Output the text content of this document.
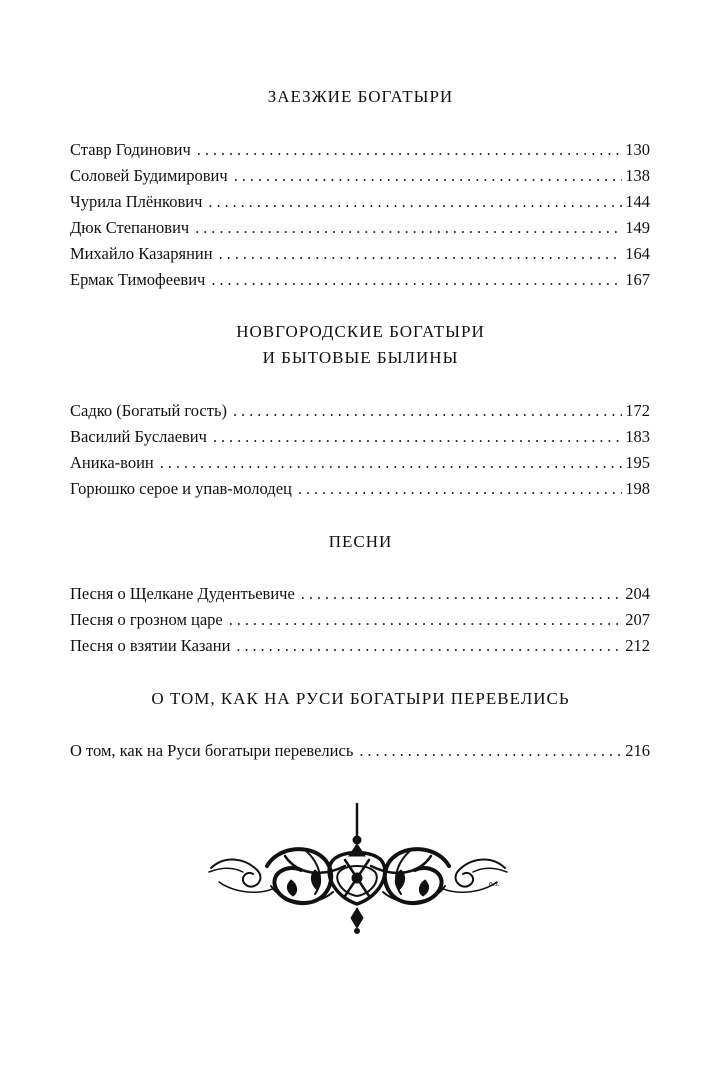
ЗАЕЗЖИЕ БОГАТЫРИ
Ставр Годинович . . .	130
Соловей Будимирович . . .	138
Чурила Плёнкович . . .	144
Дюк Степанович . . .	149
Михайло Казарянин . . .	164
Ермак Тимофеевич . . .	167
НОВГОРОДСКИЕ БОГАТЫРИ
И БЫТОВЫЕ БЫЛИНЫ
Садко (Богатый гость) . . .	172
Василий Буслаевич . . .	183
Аника-воин . . .	195
Горюшко серое и упав-молодец . . .	198
ПЕСНИ
Песня о Щелкане Дудентьевиче . . .	204
Песня о грозном царе . . .	207
Песня о взятии Казани . . .	212
О ТОМ, КАК НА РУСИ БОГАТЫРИ ПЕРЕВЕЛИСЬ
О том, как на Руси богатыри перевелись . . .	216
е.з.
